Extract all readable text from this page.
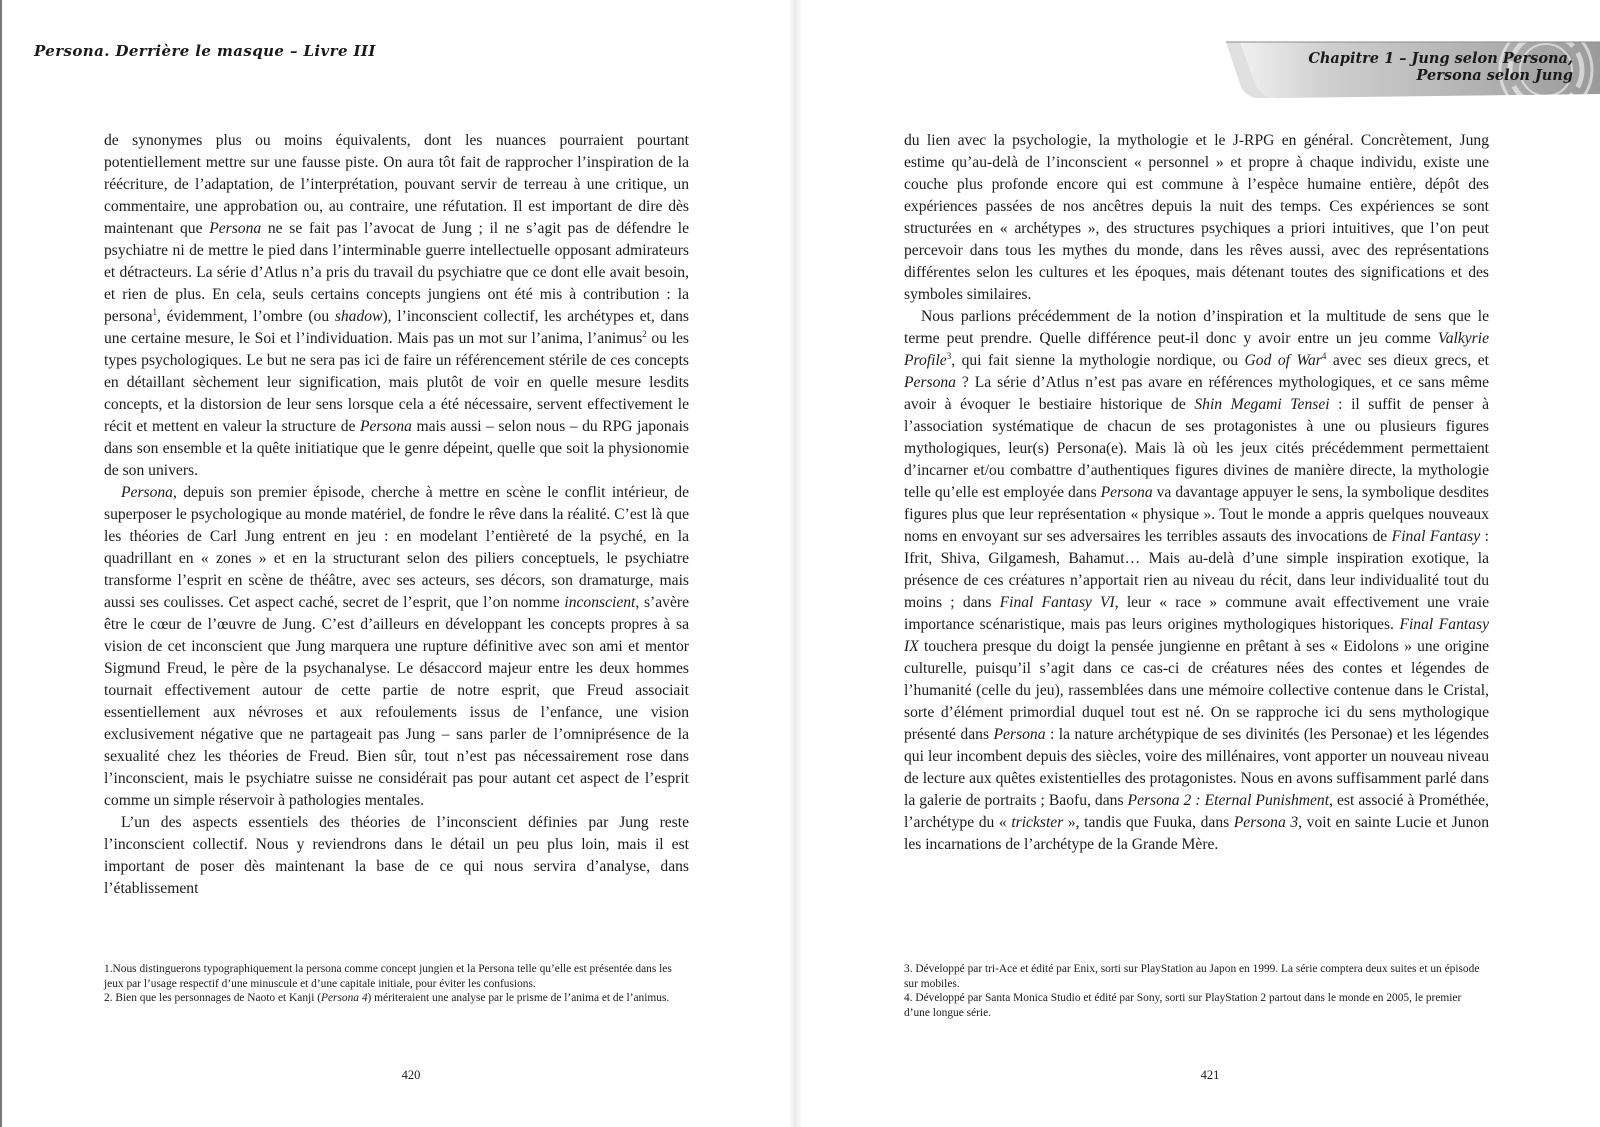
Persona. Derrière le masque – Livre III

de synonymes plus ou moins équivalents, dont les nuances pourraient pourtant potentiellement mettre sur une fausse piste. On aura tôt fait de rapprocher l’inspiration de la réécriture, de l’adaptation, de l’interprétation, pouvant servir de terreau à une critique, un commentaire, une approbation ou, au contraire, une réfutation. Il est important de dire dès maintenant que Persona ne se fait pas l’avocat de Jung ; il ne s’agit pas de défendre le psychiatre ni de mettre le pied dans l’interminable guerre intellectuelle opposant admirateurs et détracteurs. La série d’Atlus n’a pris du travail du psychiatre que ce dont elle avait besoin, et rien de plus. En cela, seuls certains concepts jungiens ont été mis à contribution : la persona$^1$, évidemment, l’ombre (ou shadow), l’inconscient collectif, les archétypes et, dans une certaine mesure, le Soi et l’individuation. Mais pas un mot sur l’anima, l’animus$^2$ ou les types psychologiques. Le but ne sera pas ici de faire un référencement stérile de ces concepts en détaillant sèchement leur signification, mais plutôt de voir en quelle mesure lesdits concepts, et la distorsion de leur sens lorsque cela a été nécessaire, servent effectivement le récit et mettent en valeur la structure de Persona mais aussi – selon nous – du RPG japonais dans son ensemble et la quête initiatique que le genre dépeint, quelle que soit la physionomie de son univers.

Persona, depuis son premier épisode, cherche à mettre en scène le conflit intérieur, de superposer le psychologique au monde matériel, de fondre le rêve dans la réalité. C’est là que les théories de Carl Jung entrent en jeu : en modelant l’entièreté de la psyché, en la quadrillant en « zones » et en la structurant selon des piliers conceptuels, le psychiatre transforme l’esprit en scène de théâtre, avec ses acteurs, ses décors, son dramaturge, mais aussi ses coulisses. Cet aspect caché, secret de l’esprit, que l’on nomme inconscient, s’avère être le cœur de l’œuvre de Jung. C’est d’ailleurs en développant les concepts propres à sa vision de cet inconscient que Jung marquera une rupture définitive avec son ami et mentor Sigmund Freud, le père de la psychanalyse. Le désaccord majeur entre les deux hommes tournait effectivement autour de cette partie de notre esprit, que Freud associait essentiellement aux névroses et aux refoulements issus de l’enfance, une vision exclusivement négative que ne partageait pas Jung – sans parler de l’omniprésence de la sexualité chez les théories de Freud. Bien sûr, tout n’est pas nécessairement rose dans l’inconscient, mais le psychiatre suisse ne considérait pas pour autant cet aspect de l’esprit comme un simple réservoir à pathologies mentales.

L’un des aspects essentiels des théories de l’inconscient définies par Jung reste l’inconscient collectif. Nous y reviendrons dans le détail un peu plus loin, mais il est important de poser dès maintenant la base de ce qui nous servira d’analyse, dans l’établissement

1.Nous distinguerons typographiquement la persona comme concept jungien et la Persona telle qu’elle est présentée dans les jeux par l’usage respectif d’une minuscule et d’une capitale initiale, pour éviter les confusions.

2. Bien que les personnages de Naoto et Kanji (Persona 4) mériteraient une analyse par le prisme de l’anima et de l’animus.

420

Chapitre 1 – Jung selon Persona,
Persona selon Jung

du lien avec la psychologie, la mythologie et le J-RPG en général. Concrètement, Jung estime qu’au-delà de l’inconscient « personnel » et propre à chaque individu, existe une couche plus profonde encore qui est commune à l’espèce humaine entière, dépôt des expériences passées de nos ancêtres depuis la nuit des temps. Ces expériences se sont structurées en « archétypes », des structures psychiques a priori intuitives, que l’on peut percevoir dans tous les mythes du monde, dans les rêves aussi, avec des représentations différentes selon les cultures et les époques, mais détenant toutes des significations et des symboles similaires.

Nous parlions précédemment de la notion d’inspiration et la multitude de sens que le terme peut prendre. Quelle différence peut-il donc y avoir entre un jeu comme Valkyrie Profile$^3$, qui fait sienne la mythologie nordique, ou God of War$^4$ avec ses dieux grecs, et Persona ? La série d’Atlus n’est pas avare en références mythologiques, et ce sans même avoir à évoquer le bestiaire historique de Shin Megami Tensei : il suffit de penser à l’association systématique de chacun de ses protagonistes à une ou plusieurs figures mythologiques, leur(s) Persona(e). Mais là où les jeux cités précédemment permettaient d’incarner et/ou combattre d’authentiques figures divines de manière directe, la mythologie telle qu’elle est employée dans Persona va davantage appuyer le sens, la symbolique desdites figures plus que leur représentation « physique ». Tout le monde a appris quelques nouveaux noms en envoyant sur ses adversaires les terribles assauts des invocations de Final Fantasy : Ifrit, Shiva, Gilgamesh, Bahamut… Mais au-delà d’une simple inspiration exotique, la présence de ces créatures n’apportait rien au niveau du récit, dans leur individualité tout du moins ; dans Final Fantasy VI, leur « race » commune avait effectivement une vraie importance scénaristique, mais pas leurs origines mythologiques historiques. Final Fantasy IX touchera presque du doigt la pensée jungienne en prêtant à ses « Eidolons » une origine culturelle, puisqu’il s’agit dans ce cas-ci de créatures nées des contes et légendes de l’humanité (celle du jeu), rassemblées dans une mémoire collective contenue dans le Cristal, sorte d’élément primordial duquel tout est né. On se rapproche ici du sens mythologique présenté dans Persona : la nature archétypique de ses divinités (les Personae) et les légendes qui leur incombent depuis des siècles, voire des millénaires, vont apporter un nouveau niveau de lecture aux quêtes existentielles des protagonistes. Nous en avons suffisamment parlé dans la galerie de portraits ; Baofu, dans Persona 2 : Eternal Punishment, est associé à Prométhée, l’archétype du « trickster », tandis que Fuuka, dans Persona 3, voit en sainte Lucie et Junon les incarnations de l’archétype de la Grande Mère.

3. Développé par tri-Ace et édité par Enix, sorti sur PlayStation au Japon en 1999. La série comptera deux suites et un épisode sur mobiles.

4. Développé par Santa Monica Studio et édité par Sony, sorti sur PlayStation 2 partout dans le monde en 2005, le premier d’une longue série.

421
